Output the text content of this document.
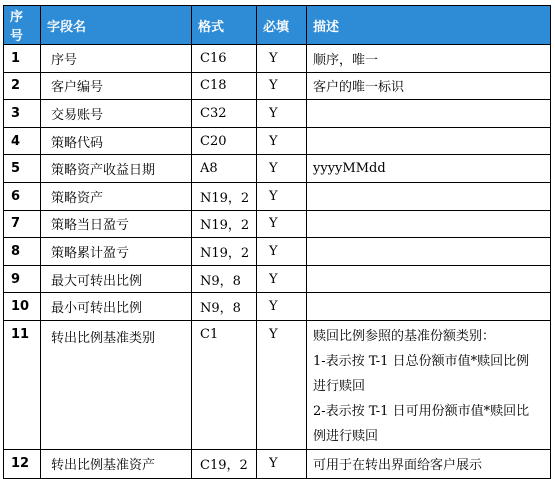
序号	字段名	格式	必填	描述
1	序号	C16	Y	顺序，唯一
2	客户编号	C18	Y	客户的唯一标识
3	交易账号	C32	Y	
4	策略代码	C20	Y	
5	策略资产收益日期	A8	Y	yyyyMMdd
6	策略资产	N19，2	Y	
7	策略当日盈亏	N19，2	Y	
8	策略累计盈亏	N19，2	Y	
9	最大可转出比例	N9，8	Y	
10	最小可转出比例	N9，8	Y	

11	转出比例基准类别	C1	Y	赎回比例参照的基准份额类别：
1-表示按 T-1 日总份额市值*赎回比例
进行赎回
2-表示按 T-1 日可用份额市值*赎回比
例进行赎回

12	转出比例基准资产	C19，2	Y	可用于在转出界面给客户展示
